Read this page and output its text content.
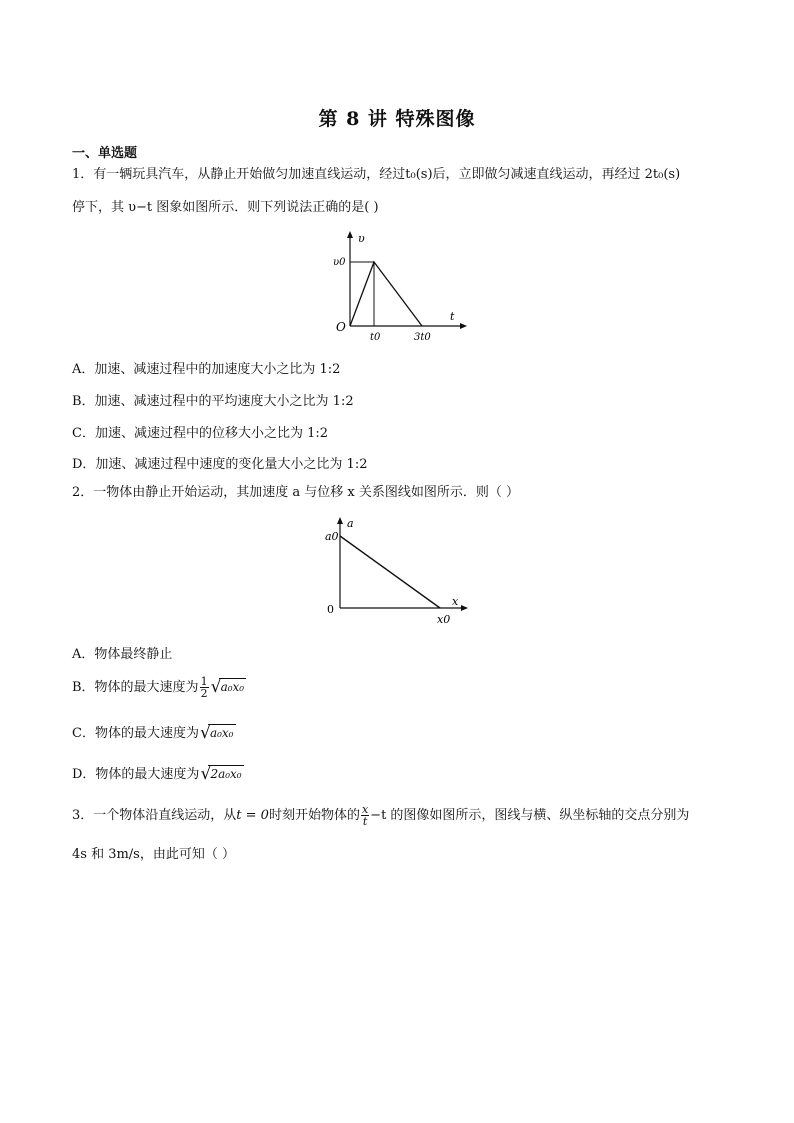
第 8 讲 特殊图像
一、单选题
1．有一辆玩具汽车，从静止开始做匀加速直线运动，经过t₀(s)后，立即做匀减速直线运动，再经过 2t₀(s)
停下，其 υ−t 图象如图所示．则下列说法正确的是( )
υ
t
O
υ0
t0	3t0
A．加速、减速过程中的加速度大小之比为 1:2
B．加速、减速过程中的平均速度大小之比为 1:2
C．加速、减速过程中的位移大小之比为 1:2
D．加速、减速过程中速度的变化量大小之比为 1:2
2．一物体由静止开始运动，其加速度 a 与位移 x 关系图线如图所示．则（ ）
a
x
0
a0
x0
A．物体最终静止
B．物体的最大速度为 $\frac{1}{2}$ √ a₀x₀
C．物体的最大速度为 √ a₀x₀
D．物体的最大速度为 √ 2a₀x₀
3．一个物体沿直线运动，从t = 0时刻开始物体的 $\frac{x}{t} -t$ 的图像如图所示，图线与横、纵坐标轴的交点分别为
4s 和 3m/s，由此可知（ ）
